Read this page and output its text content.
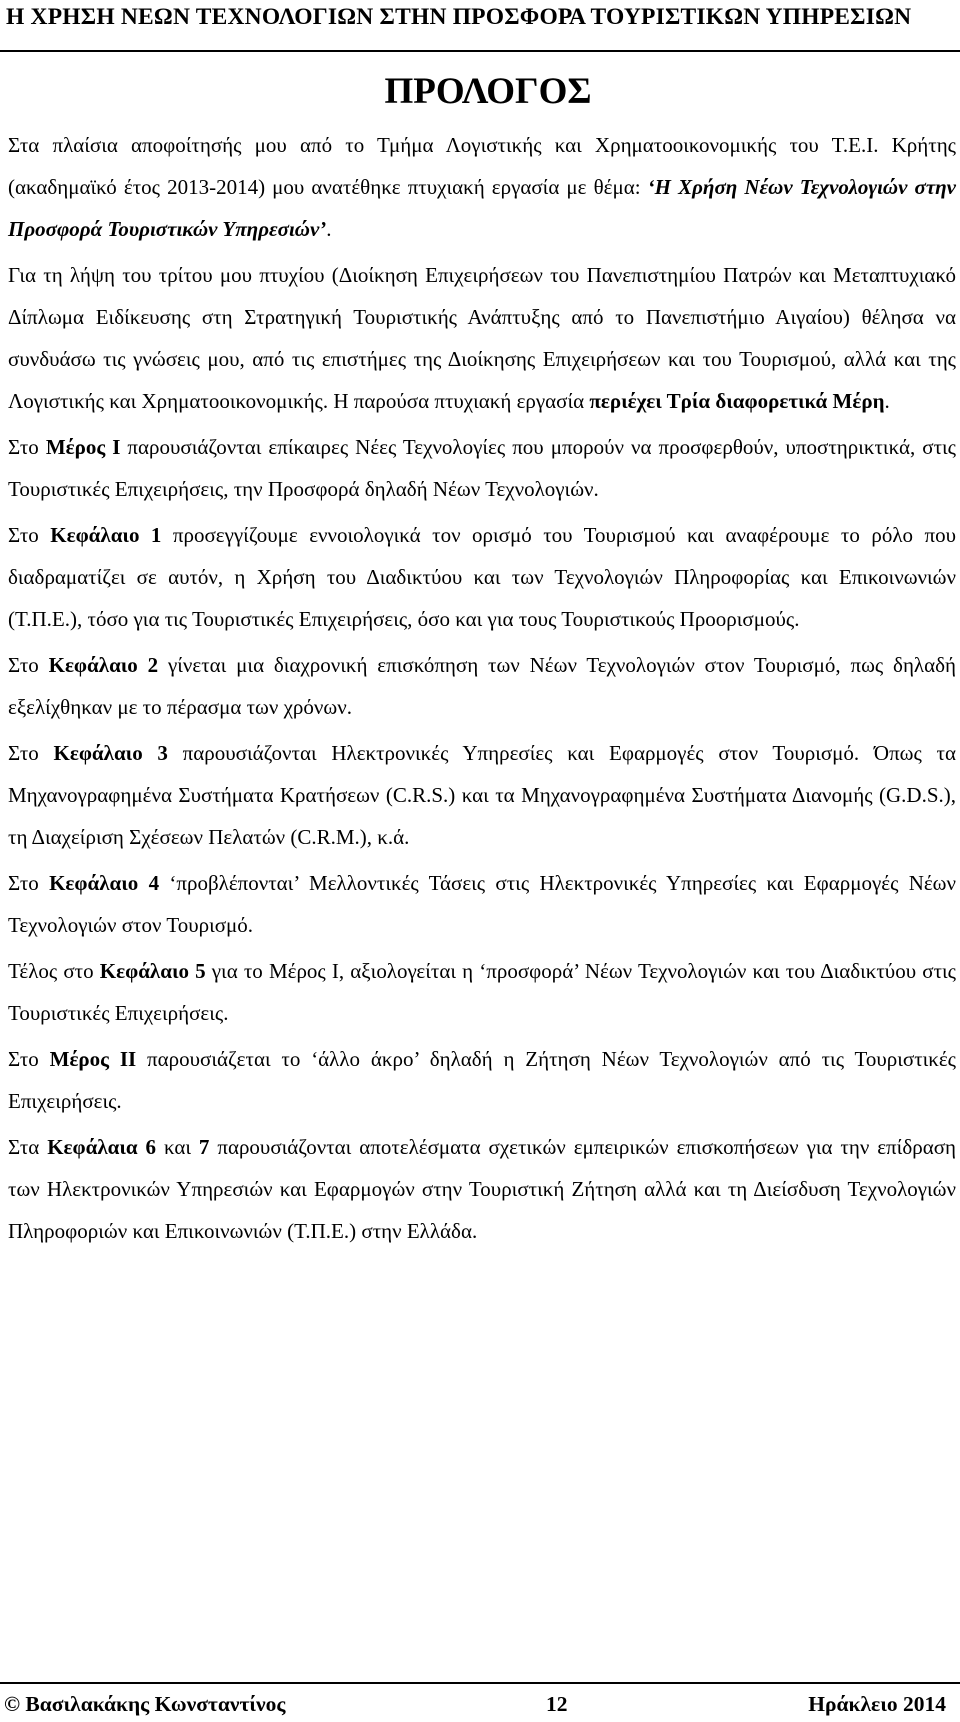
Η ΧΡΗΣΗ ΝΕΩΝ ΤΕΧΝΟΛΟΓΙΩΝ ΣΤΗΝ ΠΡΟΣΦΟΡΑ ΤΟΥΡΙΣΤΙΚΩΝ ΥΠΗΡΕΣΙΩΝ
ΠΡΟΛΟΓΟΣ

Στα πλαίσια αποφοίτησής μου από το Τμήμα Λογιστικής και Χρηματοοικονομικής του Τ.Ε.Ι. Κρήτης (ακαδημαϊκό έτος 2013-2014) μου ανατέθηκε πτυχιακή εργασία με θέμα: ‘Η Χρήση Νέων Τεχνολογιών στην Προσφορά Τουριστικών Υπηρεσιών’.

Για τη λήψη του τρίτου μου πτυχίου (Διοίκηση Επιχειρήσεων του Πανεπιστημίου Πατρών και Μεταπτυχιακό Δίπλωμα Ειδίκευσης στη Στρατηγική Τουριστικής Ανάπτυξης από το Πανεπιστήμιο Αιγαίου) θέλησα να συνδυάσω τις γνώσεις μου, από τις επιστήμες της Διοίκησης Επιχειρήσεων και του Τουρισμού, αλλά και της Λογιστικής και Χρηματοοικονομικής. Η παρούσα πτυχιακή εργασία περιέχει Τρία διαφορετικά Μέρη.

Στο Μέρος Ι παρουσιάζονται επίκαιρες Νέες Τεχνολογίες που μπορούν να προσφερθούν, υποστηρικτικά, στις Τουριστικές Επιχειρήσεις, την Προσφορά δηλαδή Νέων Τεχνολογιών.

Στο Κεφάλαιο 1 προσεγγίζουμε εννοιολογικά τον ορισμό του Τουρισμού και αναφέρουμε το ρόλο που διαδραματίζει σε αυτόν, η Χρήση του Διαδικτύου και των Τεχνολογιών Πληροφορίας και Επικοινωνιών (Τ.Π.Ε.), τόσο για τις Τουριστικές Επιχειρήσεις, όσο και για τους Τουριστικούς Προορισμούς.

Στο Κεφάλαιο 2 γίνεται μια διαχρονική επισκόπηση των Νέων Τεχνολογιών στον Τουρισμό, πως δηλαδή εξελίχθηκαν με το πέρασμα των χρόνων.

Στο Κεφάλαιο 3 παρουσιάζονται Ηλεκτρονικές Υπηρεσίες και Εφαρμογές στον Τουρισμό. Όπως τα Μηχανογραφημένα Συστήματα Κρατήσεων (C.R.S.) και τα Μηχανογραφημένα Συστήματα Διανομής (G.D.S.), τη Διαχείριση Σχέσεων Πελατών (C.R.M.), κ.ά.

Στο Κεφάλαιο 4 ‘προβλέπονται’ Μελλοντικές Τάσεις στις Ηλεκτρονικές Υπηρεσίες και Εφαρμογές Νέων Τεχνολογιών στον Τουρισμό.

Τέλος στο Κεφάλαιο 5 για το Μέρος Ι, αξιολογείται η ‘προσφορά’ Νέων Τεχνολογιών και του Διαδικτύου στις Τουριστικές Επιχειρήσεις.

Στο Μέρος ΙΙ παρουσιάζεται το ‘άλλο άκρο’ δηλαδή η Ζήτηση Νέων Τεχνολογιών από τις Τουριστικές Επιχειρήσεις.

Στα Κεφάλαια 6 και 7 παρουσιάζονται αποτελέσματα σχετικών εμπειρικών επισκοπήσεων για την επίδραση των Ηλεκτρονικών Υπηρεσιών και Εφαρμογών στην Τουριστική Ζήτηση αλλά και τη Διείσδυση Τεχνολογιών Πληροφοριών και Επικοινωνιών (Τ.Π.Ε.) στην Ελλάδα.

© Βασιλακάκης Κωνσταντίνος	12	Ηράκλειο 2014
